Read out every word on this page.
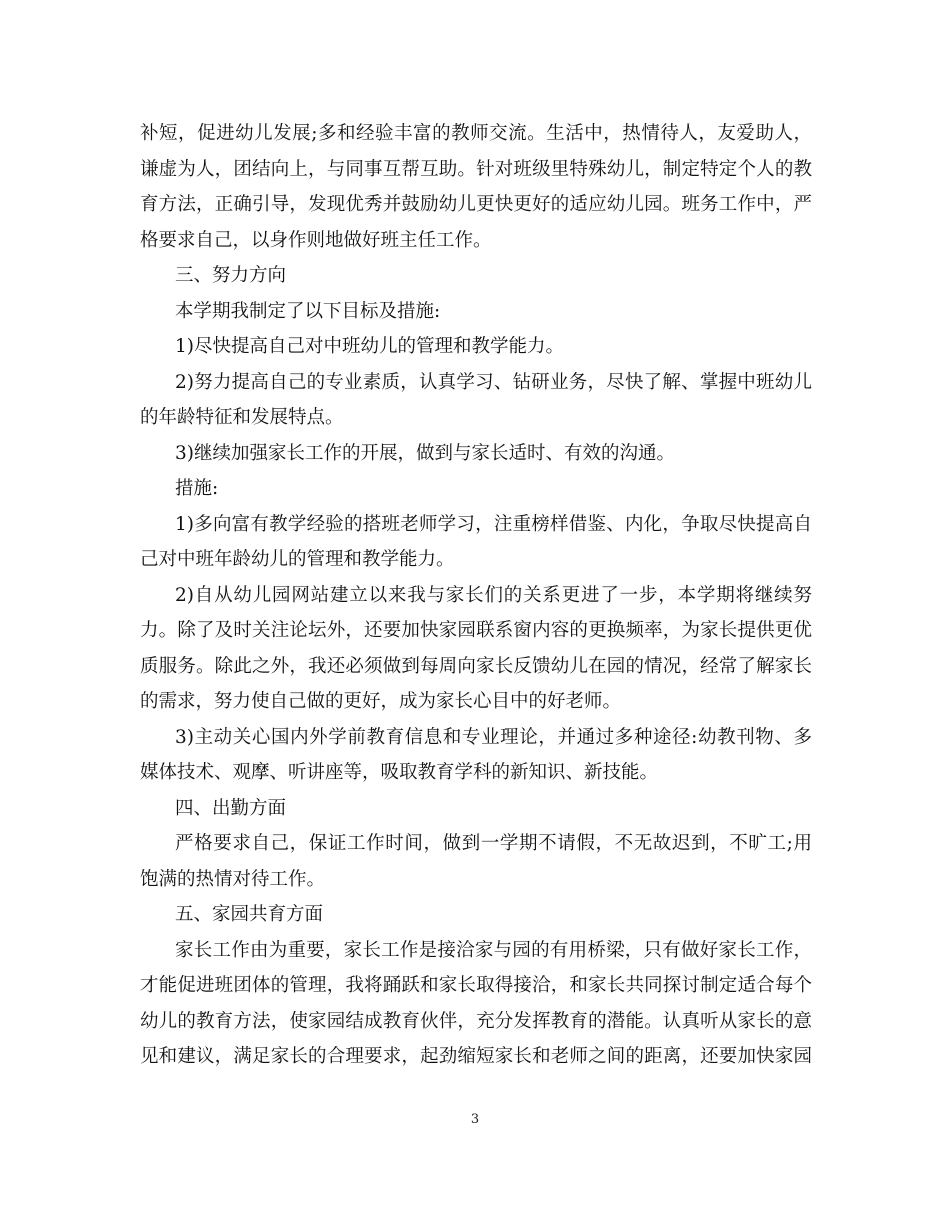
补短，促进幼儿发展;多和经验丰富的教师交流。生活中，热情待人，友爱助人，
谦虚为人，团结向上，与同事互帮互助。针对班级里特殊幼儿，制定特定个人的教
育方法，正确引导，发现优秀并鼓励幼儿更快更好的适应幼儿园。班务工作中，严
格要求自己，以身作则地做好班主任工作。
三、努力方向
本学期我制定了以下目标及措施:
1)尽快提高自己对中班幼儿的管理和教学能力。
2)努力提高自己的专业素质，认真学习、钻研业务，尽快了解、掌握中班幼儿
的年龄特征和发展特点。
3)继续加强家长工作的开展，做到与家长适时、有效的沟通。
措施:
1)多向富有教学经验的搭班老师学习，注重榜样借鉴、内化，争取尽快提高自
己对中班年龄幼儿的管理和教学能力。
2)自从幼儿园网站建立以来我与家长们的关系更进了一步，本学期将继续努
力。除了及时关注论坛外，还要加快家园联系窗内容的更换频率，为家长提供更优
质服务。除此之外，我还必须做到每周向家长反馈幼儿在园的情况，经常了解家长
的需求，努力使自己做的更好，成为家长心目中的好老师。
3)主动关心国内外学前教育信息和专业理论，并通过多种途径:幼教刊物、多
媒体技术、观摩、听讲座等，吸取教育学科的新知识、新技能。
四、出勤方面
严格要求自己，保证工作时间，做到一学期不请假，不无故迟到，不旷工;用
饱满的热情对待工作。
五、家园共育方面
家长工作由为重要，家长工作是接洽家与园的有用桥梁，只有做好家长工作，
才能促进班团体的管理，我将踊跃和家长取得接洽，和家长共同探讨制定适合每个
幼儿的教育方法，使家园结成教育伙伴，充分发挥教育的潜能。认真听从家长的意
见和建议，满足家长的合理要求，起劲缩短家长和老师之间的距离，还要加快家园
3
